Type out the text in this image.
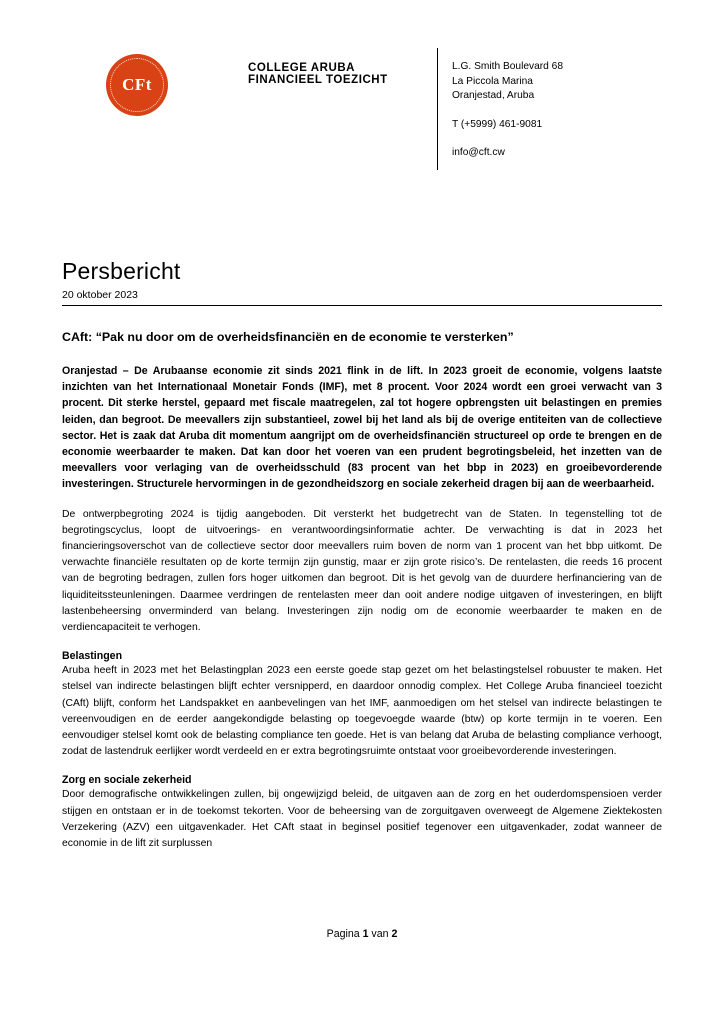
CFt
COLLEGE ARUBA FINANCIEEL TOEZICHT
L.G. Smith Boulevard 68
La Piccola Marina
Oranjestad, Aruba
T (+5999) 461-9081
info@cft.cw
Persbericht
20 oktober 2023
CAft: “Pak nu door om de overheidsfinanciën en de economie te versterken”

Oranjestad – De Arubaanse economie zit sinds 2021 flink in de lift. In 2023 groeit de economie, volgens laatste inzichten van het Internationaal Monetair Fonds (IMF), met 8 procent. Voor 2024 wordt een groei verwacht van 3 procent. Dit sterke herstel, gepaard met fiscale maatregelen, zal tot hogere opbrengsten uit belastingen en premies leiden, dan begroot. De meevallers zijn substantieel, zowel bij het land als bij de overige entiteiten van de collectieve sector. Het is zaak dat Aruba dit momentum aangrijpt om de overheidsfinanciën structureel op orde te brengen en de economie weerbaarder te maken. Dat kan door het voeren van een prudent begrotingsbeleid, het inzetten van de meevallers voor verlaging van de overheidsschuld (83 procent van het bbp in 2023) en groeibevorderende investeringen. Structurele hervormingen in de gezondheidszorg en sociale zekerheid dragen bij aan de weerbaarheid.

De ontwerpbegroting 2024 is tijdig aangeboden. Dit versterkt het budgetrecht van de Staten. In tegenstelling tot de begrotingscyclus, loopt de uitvoerings- en verantwoordingsinformatie achter. De verwachting is dat in 2023 het financieringsoverschot van de collectieve sector door meevallers ruim boven de norm van 1 procent van het bbp uitkomt. De verwachte financiële resultaten op de korte termijn zijn gunstig, maar er zijn grote risico’s. De rentelasten, die reeds 16 procent van de begroting bedragen, zullen fors hoger uitkomen dan begroot. Dit is het gevolg van de duurdere herfinanciering van de liquiditeitssteunleningen. Daarmee verdringen de rentelasten meer dan ooit andere nodige uitgaven of investeringen, en blijft lastenbeheersing onverminderd van belang. Investeringen zijn nodig om de economie weerbaarder te maken en de verdiencapaciteit te verhogen.

Belastingen

Aruba heeft in 2023 met het Belastingplan 2023 een eerste goede stap gezet om het belastingstelsel robuuster te maken. Het stelsel van indirecte belastingen blijft echter versnipperd, en daardoor onnodig complex. Het College Aruba financieel toezicht (CAft) blijft, conform het Landspakket en aanbevelingen van het IMF, aanmoedigen om het stelsel van indirecte belastingen te vereenvoudigen en de eerder aangekondigde belasting op toegevoegde waarde (btw) op korte termijn in te voeren. Een eenvoudiger stelsel komt ook de belasting compliance ten goede. Het is van belang dat Aruba de belasting compliance verhoogt, zodat de lastendruk eerlijker wordt verdeeld en er extra begrotingsruimte ontstaat voor groeibevorderende investeringen.

Zorg en sociale zekerheid

Door demografische ontwikkelingen zullen, bij ongewijzigd beleid, de uitgaven aan de zorg en het ouderdomspensioen verder stijgen en ontstaan er in de toekomst tekorten. Voor de beheersing van de zorguitgaven overweegt de Algemene Ziektekosten Verzekering (AZV) een uitgavenkader. Het CAft staat in beginsel positief tegenover een uitgavenkader, zodat wanneer de economie in de lift zit surplussen

Pagina 1 van 2
